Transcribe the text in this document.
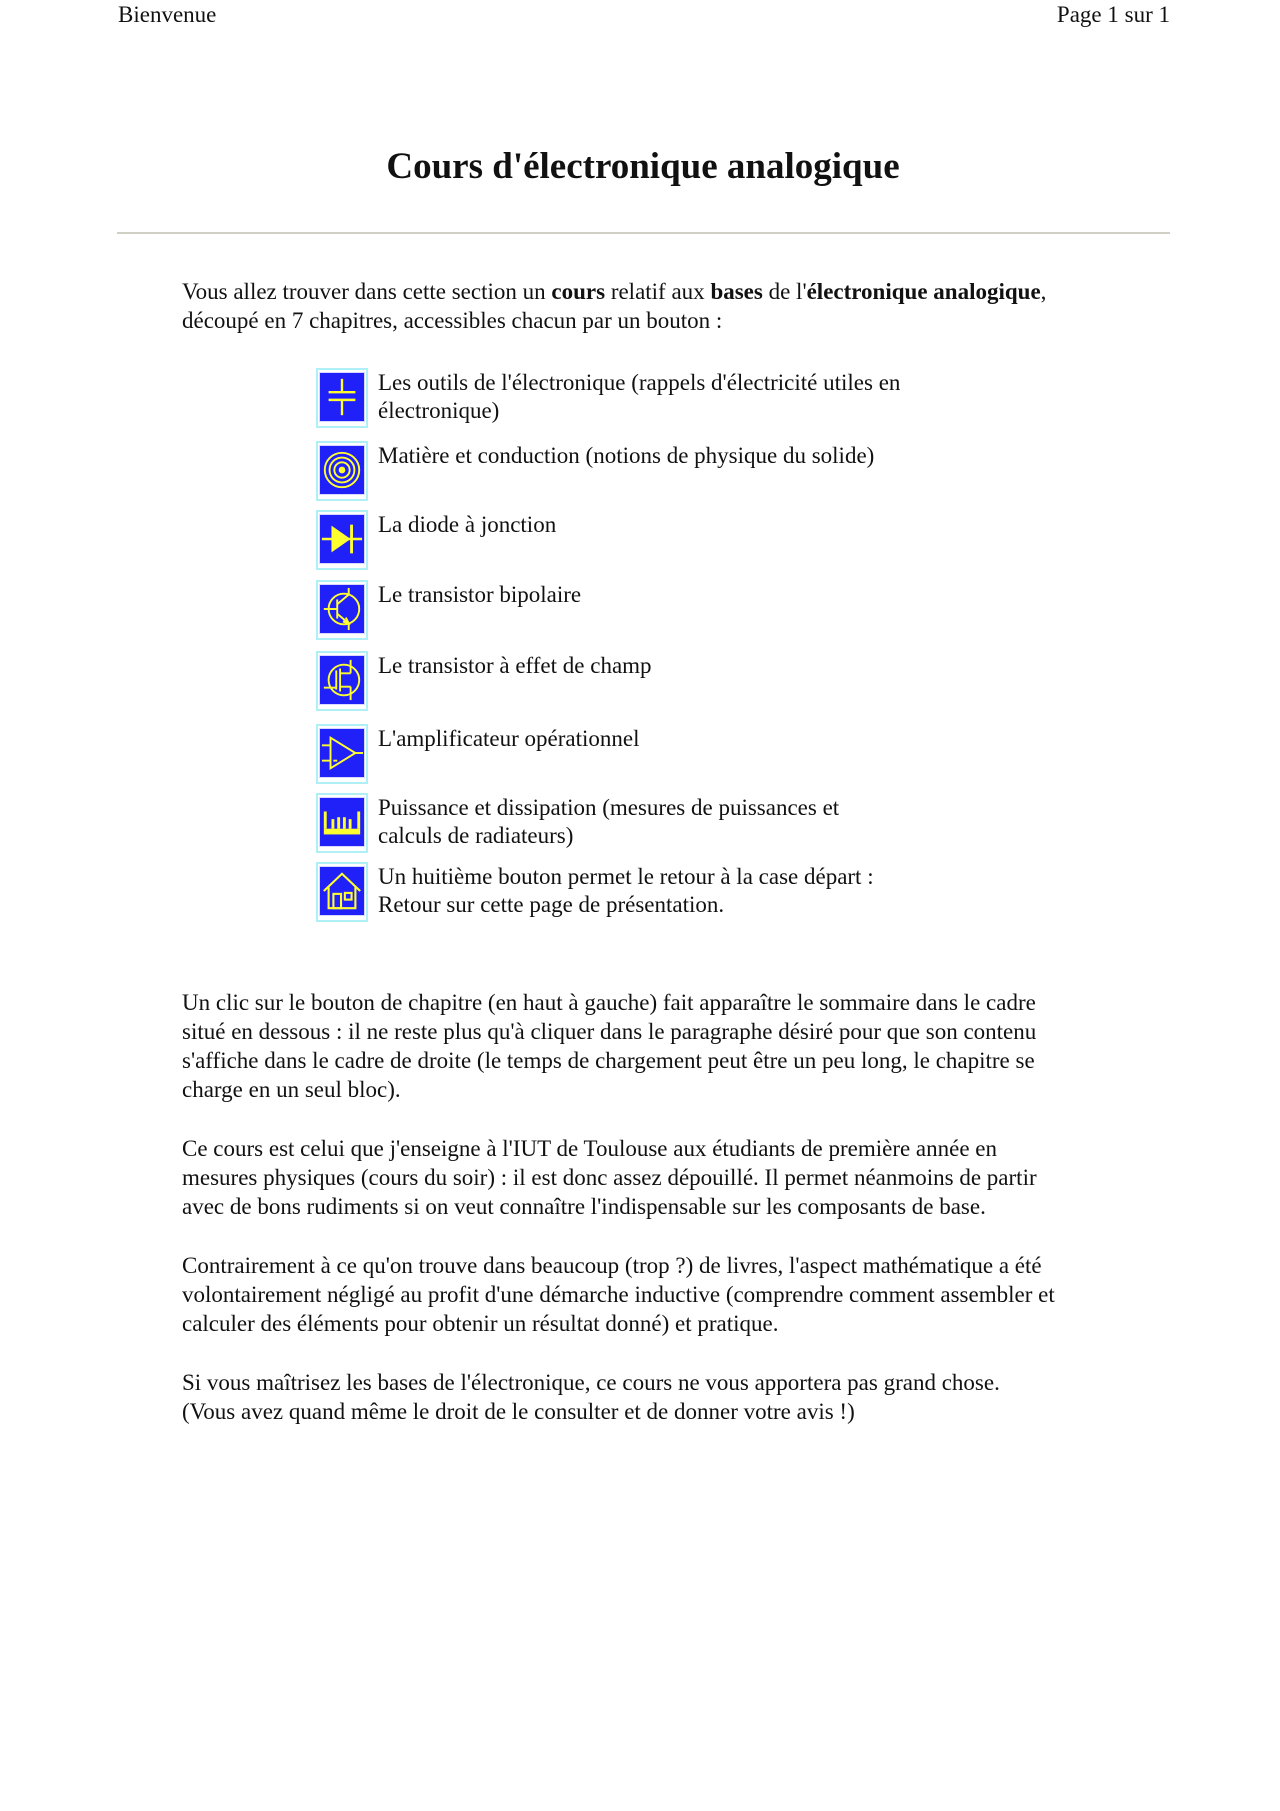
Bienvenue	Page 1 sur 1
Cours d'électronique analogique
Vous allez trouver dans cette section un cours relatif aux bases de l'électronique analogique,
découpé en 7 chapitres, accessibles chacun par un bouton :
Les outils de l'électronique (rappels d'électricité utiles en
électronique)
Matière et conduction (notions de physique du solide)
La diode à jonction
Le transistor bipolaire
Le transistor à effet de champ
L'amplificateur opérationnel
Puissance et dissipation (mesures de puissances et
calculs de radiateurs)
Un huitième bouton permet le retour à la case départ :
Retour sur cette page de présentation.
Un clic sur le bouton de chapitre (en haut à gauche) fait apparaître le sommaire dans le cadre
situé en dessous : il ne reste plus qu'à cliquer dans le paragraphe désiré pour que son contenu
s'affiche dans le cadre de droite (le temps de chargement peut être un peu long, le chapitre se
charge en un seul bloc).
Ce cours est celui que j'enseigne à l'IUT de Toulouse aux étudiants de première année en
mesures physiques (cours du soir) : il est donc assez dépouillé. Il permet néanmoins de partir
avec de bons rudiments si on veut connaître l'indispensable sur les composants de base.
Contrairement à ce qu'on trouve dans beaucoup (trop ?) de livres, l'aspect mathématique a été
volontairement négligé au profit d'une démarche inductive (comprendre comment assembler et
calculer des éléments pour obtenir un résultat donné) et pratique.
Si vous maîtrisez les bases de l'électronique, ce cours ne vous apportera pas grand chose.
(Vous avez quand même le droit de le consulter et de donner votre avis !)
